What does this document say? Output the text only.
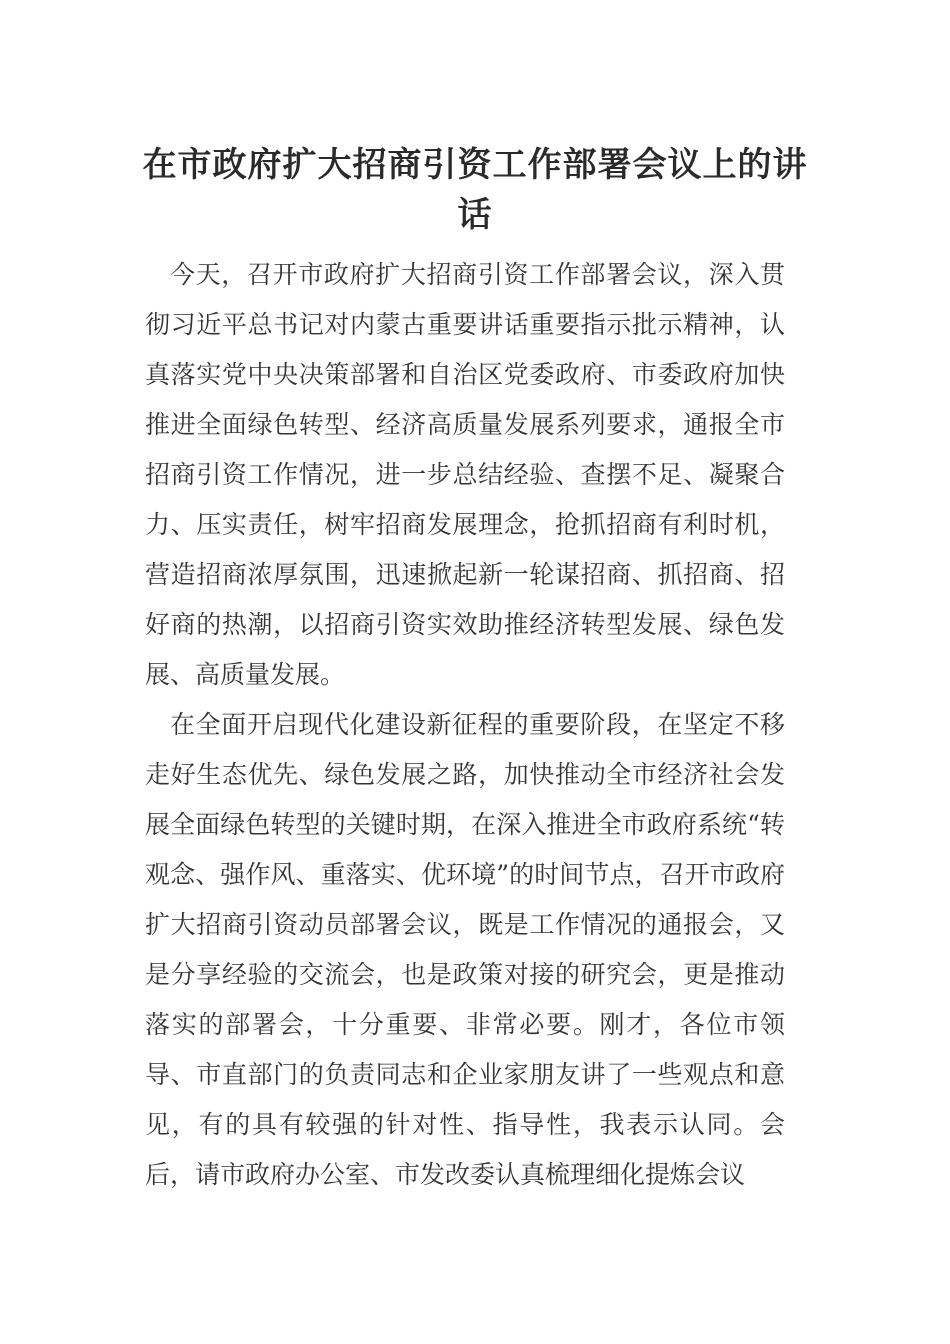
在市政府扩大招商引资工作部署会议上的讲话

今天，召开市政府扩大招商引资工作部署会议，深入贯彻习近平总书记对内蒙古重要讲话重要指示批示精神，认真落实党中央决策部署和自治区党委政府、市委政府加快推进全面绿色转型、经济高质量发展系列要求，通报全市招商引资工作情况，进一步总结经验、查摆不足、凝聚合力、压实责任，树牢招商发展理念，抢抓招商有利时机，营造招商浓厚氛围，迅速掀起新一轮谋招商、抓招商、招好商的热潮，以招商引资实效助推经济转型发展、绿色发展、高质量发展。

在全面开启现代化建设新征程的重要阶段，在坚定不移走好生态优先、绿色发展之路，加快推动全市经济社会发展全面绿色转型的关键时期，在深入推进全市政府系统“转观念、强作风、重落实、优环境”的时间节点，召开市政府扩大招商引资动员部署会议，既是工作情况的通报会，又是分享经验的交流会，也是政策对接的研究会，更是推动落实的部署会，十分重要、非常必要。刚才，各位市领导、市直部门的负责同志和企业家朋友讲了一些观点和意见，有的具有较强的针对性、指导性，我表示认同。会后，请市政府办公室、市发改委认真梳理细化提炼会议
